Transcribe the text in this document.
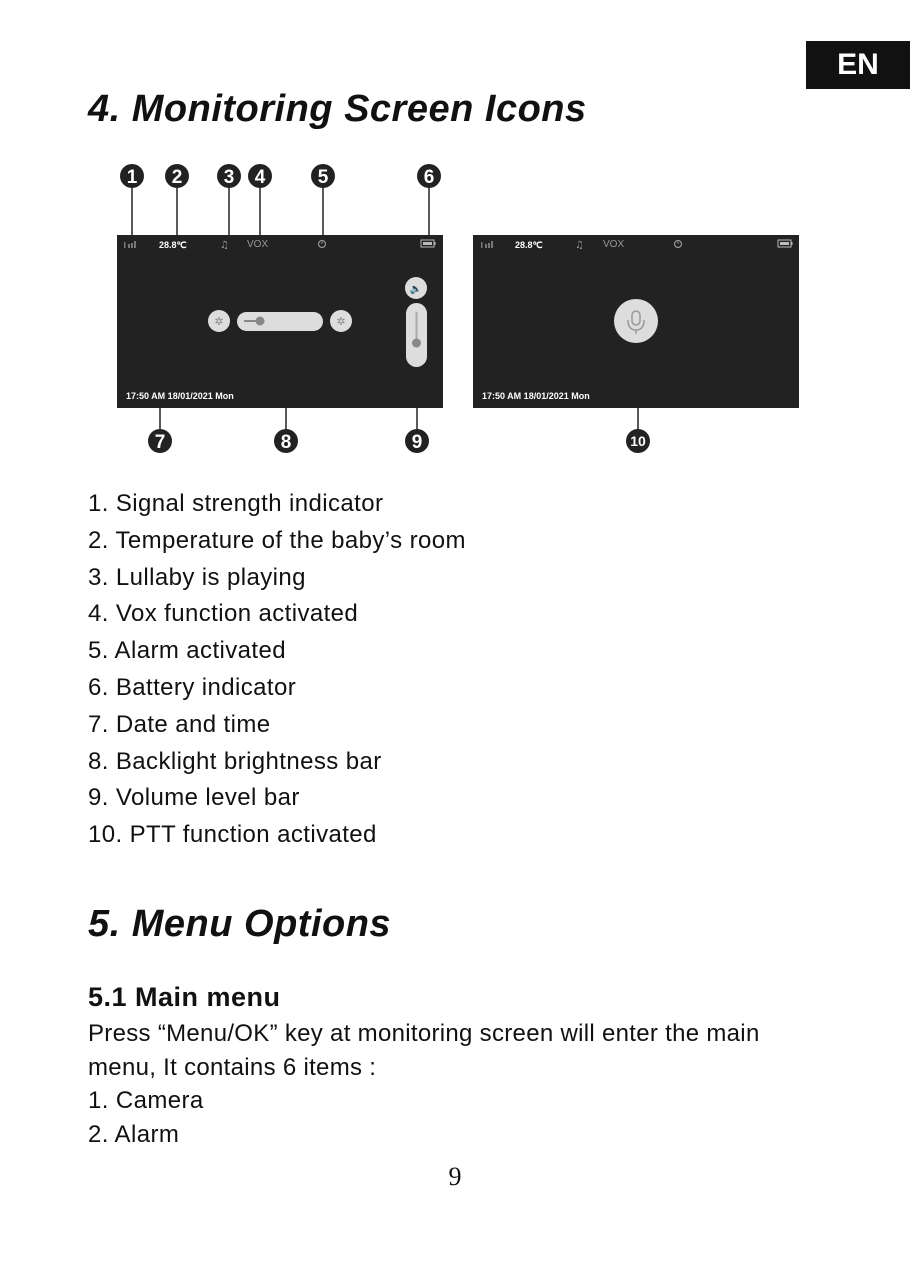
EN
4. Monitoring Screen Icons
28.8℃	♫ VOX
✲	✲
🔈
17:50 AM 18/01/2021 Mon
28.8℃	♫ VOX
17:50 AM 18/01/2021 Mon
1 2 3 4	5	6
7	8	9	10
1. Signal strength indicator
2. Temperature of the baby’s room
3. Lullaby is playing
4. Vox function activated
5. Alarm activated
6. Battery indicator
7. Date and time
8. Backlight brightness bar
9. Volume level bar
10. PTT function activated
5. Menu Options
5.1 Main menu

Press “Menu/OK” key at monitoring screen will enter the main menu, It contains 6 items :

1. Camera
2. Alarm
9
